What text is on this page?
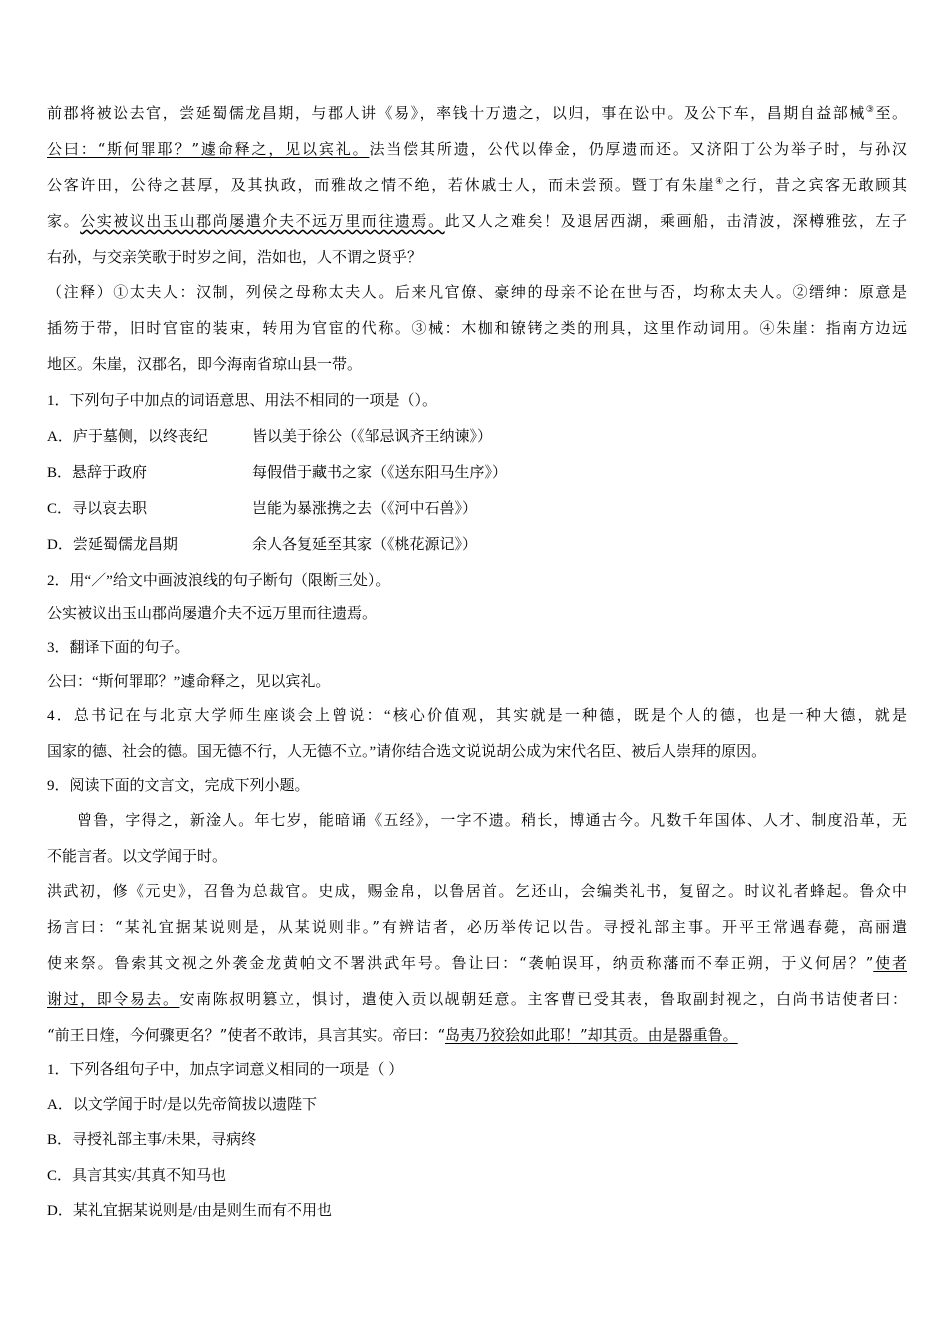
前郡将被讼去官，尝延蜀儒龙昌期，与郡人讲《易》，率钱十万遗之，以归，事在讼中。及公下车，昌期自益部械③至。
公曰：“斯何罪耶？”遽命释之，见以宾礼。法当偿其所遗，公代以俸金，仍厚遗而还。又济阳丁公为举子时，与孙汉
公客许田，公待之甚厚，及其执政，而雅故之情不绝，若休戚士人，而未尝预。暨丁有朱崖④之行，昔之宾客无敢顾其
家。公实被议出玉山郡尚屡遣介夫不远万里而往遗焉。此又人之难矣！及退居西湖，乘画船，击清波，深樽雅弦，左子
右孙，与交亲笑歌于时岁之间，浩如也，人不谓之贤乎？
（注释）①太夫人：汉制，列侯之母称太夫人。后来凡官僚、豪绅的母亲不论在世与否，均称太夫人。②缙绅：原意是
插笏于带，旧时官宦的装束，转用为官宦的代称。③械：木枷和镣铐之类的刑具，这里作动词用。④朱崖：指南方边远
地区。朱崖，汉郡名，即今海南省琼山县一带。
1．下列句子中加点的词语意思、用法不相同的一项是（）。
A．庐于墓侧，以终丧纪	皆以美于徐公（《邹忌讽齐王纳谏》）
B．悬辞于政府	每假借于藏书之家（《送东阳马生序》）
C．寻以哀去职	岂能为暴涨携之去（《河中石兽》）
D．尝延蜀儒龙昌期	余人各复延至其家（《桃花源记》）
2．用“／”给文中画波浪线的句子断句（限断三处）。
公实被议出玉山郡尚屡遣介夫不远万里而往遗焉。
3．翻译下面的句子。
公曰：“斯何罪耶？”遽命释之，见以宾礼。
4．总书记在与北京大学师生座谈会上曾说：“核心价值观，其实就是一种德，既是个人的德，也是一种大德，就是
国家的德、社会的德。国无德不行，人无德不立。”请你结合选文说说胡公成为宋代名臣、被后人崇拜的原因。
9．阅读下面的文言文，完成下列小题。
曾鲁，字得之，新淦人。年七岁，能暗诵《五经》，一字不遗。稍长，博通古今。凡数千年国体、人才、制度沿革，无
不能言者。以文学闻于时。
洪武初，修《元史》，召鲁为总裁官。史成，赐金帛，以鲁居首。乞还山，会编类礼书，复留之。时议礼者蜂起。鲁众中
扬言曰：“某礼宜据某说则是，从某说则非。”有辨诘者，必历举传记以告。寻授礼部主事。开平王常遇春薨，高丽遣
使来祭。鲁索其文视之外袭金龙黄帕文不署洪武年号。鲁让曰：“袭帕误耳，纳贡称藩而不奉正朔，于义何居？”使者
谢过，即令易去。安南陈叔明篡立，惧讨，遣使入贡以觇朝廷意。主客曹已受其表，鲁取副封视之，白尚书诘使者曰：
“前王日煃，今何骤更名？”使者不敢讳，具言其实。帝曰：“岛夷乃狡狯如此耶！”却其贡。由是器重鲁。
1．下列各组句子中，加点字词意义相同的一项是（ ）
A．以文学闻于时/是以先帝简拔以遗陛下
B．寻授礼部主事/未果，寻病终
C．具言其实/其真不知马也
D．某礼宜据某说则是/由是则生而有不用也
